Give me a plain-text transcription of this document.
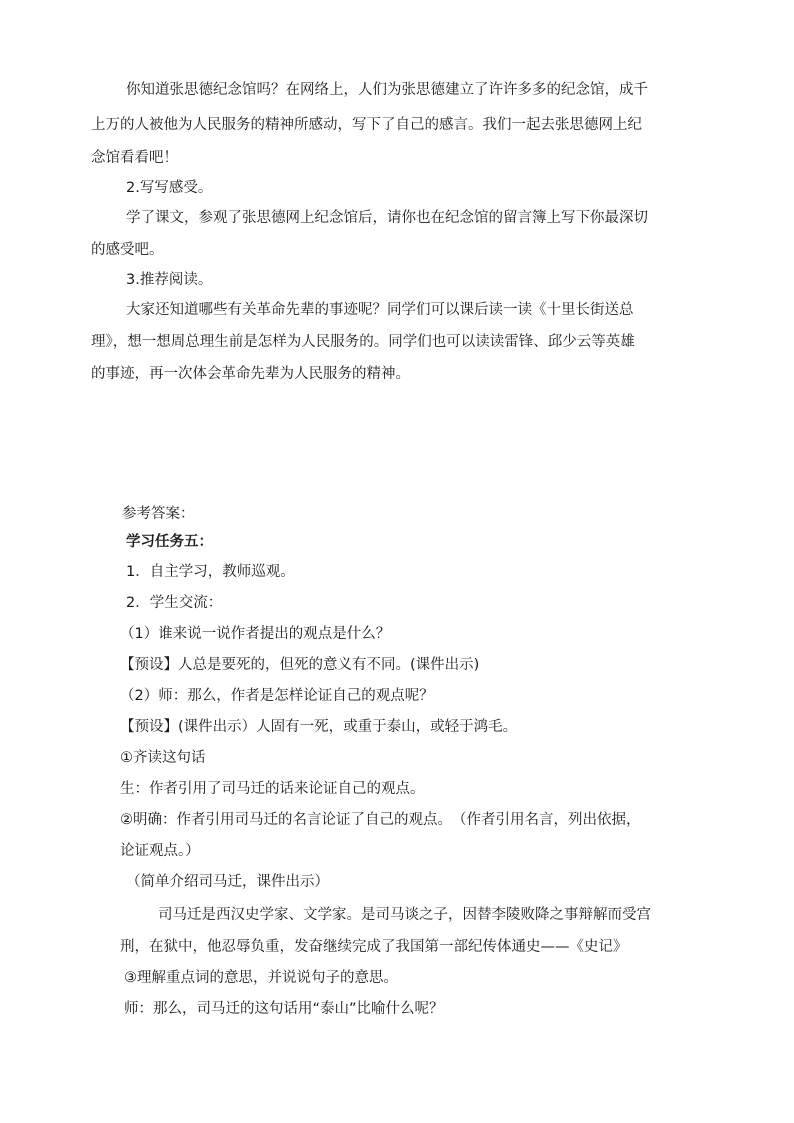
你知道张思德纪念馆吗？在网络上，人们为张思德建立了许许多多的纪念馆，成千
上万的人被他为人民服务的精神所感动，写下了自己的感言。我们一起去张思德网上纪
念馆看看吧！
2.写写感受。
学了课文，参观了张思德网上纪念馆后，请你也在纪念馆的留言簿上写下你最深切
的感受吧。
3.推荐阅读。
大家还知道哪些有关革命先辈的事迹呢？同学们可以课后读一读《十里长街送总
理》，想一想周总理生前是怎样为人民服务的。同学们也可以读读雷锋、邱少云等英雄
的事迹，再一次体会革命先辈为人民服务的精神。
参考答案：
学习任务五：
1．自主学习，教师巡观。
2．学生交流：
（1）谁来说一说作者提出的观点是什么？
【预设】人总是要死的，但死的意义有不同。(课件出示)
（2）师：那么，作者是怎样论证自己的观点呢？
【预设】(课件出示）人固有一死，或重于泰山，或轻于鸿毛。
①齐读这句话
生：作者引用了司马迁的话来论证自己的观点。
②明确：作者引用司马迁的名言论证了自己的观点。　（作者引用名言，列出依据，
论证观点。）
（简单介绍司马迁，课件出示）
司马迁是西汉史学家、文学家。是司马谈之子，因替李陵败降之事辩解而受宫
刑，在狱中，他忍辱负重，发奋继续完成了我国第一部纪传体通史——《史记》
③理解重点词的意思，并说说句子的意思。
师：那么，司马迁的这句话用“泰山”比喻什么呢？
